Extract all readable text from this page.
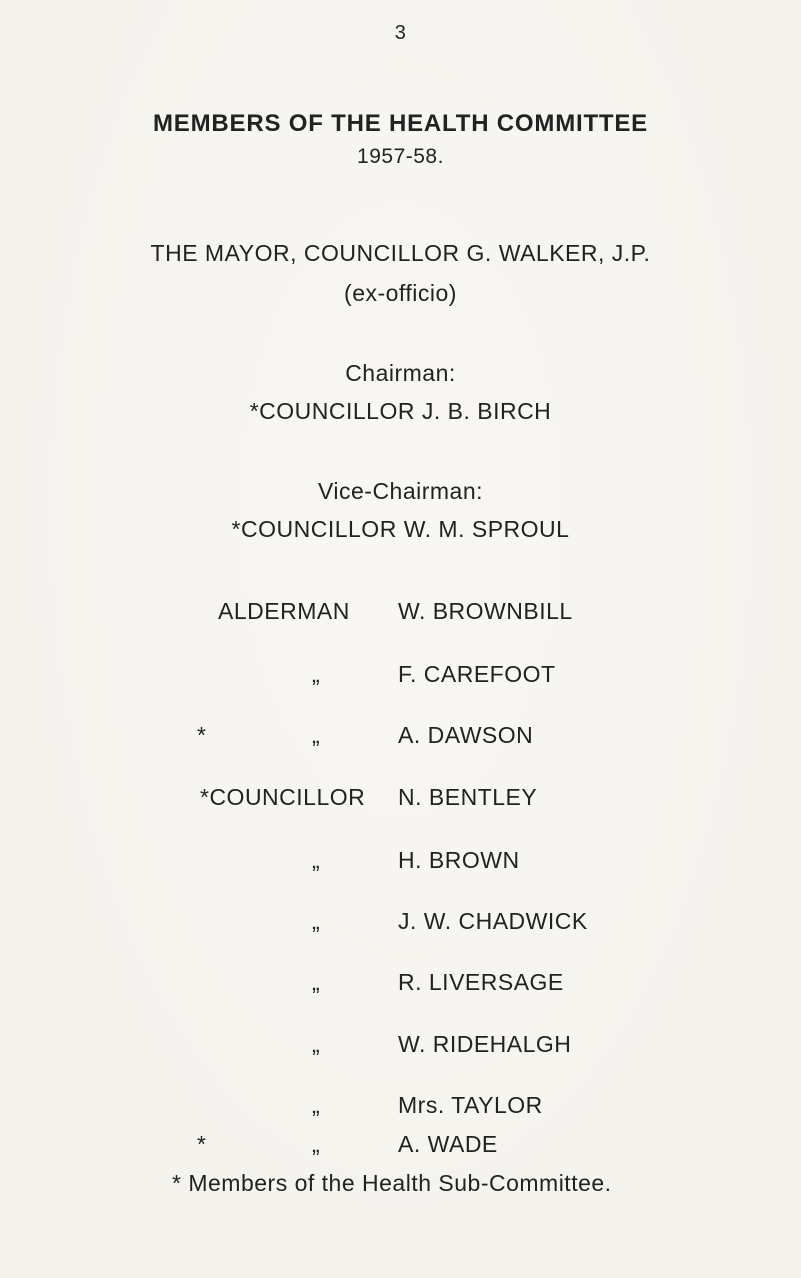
3
MEMBERS OF THE HEALTH COMMITTEE
1957-58.
THE MAYOR, COUNCILLOR G. WALKER, J.P.
(ex-officio)
Chairman:
*COUNCILLOR J. B. BIRCH
Vice-Chairman:
*COUNCILLOR W. M. SPROUL
ALDERMAN W. BROWNBILL
„	F. CAREFOOT
*	„	A. DAWSON
*COUNCILLOR N. BENTLEY
„	H. BROWN
„	J. W. CHADWICK
„	R. LIVERSAGE
„	W. RIDEHALGH
„	Mrs. TAYLOR
*	„	A. WADE
* Members of the Health Sub-Committee.
